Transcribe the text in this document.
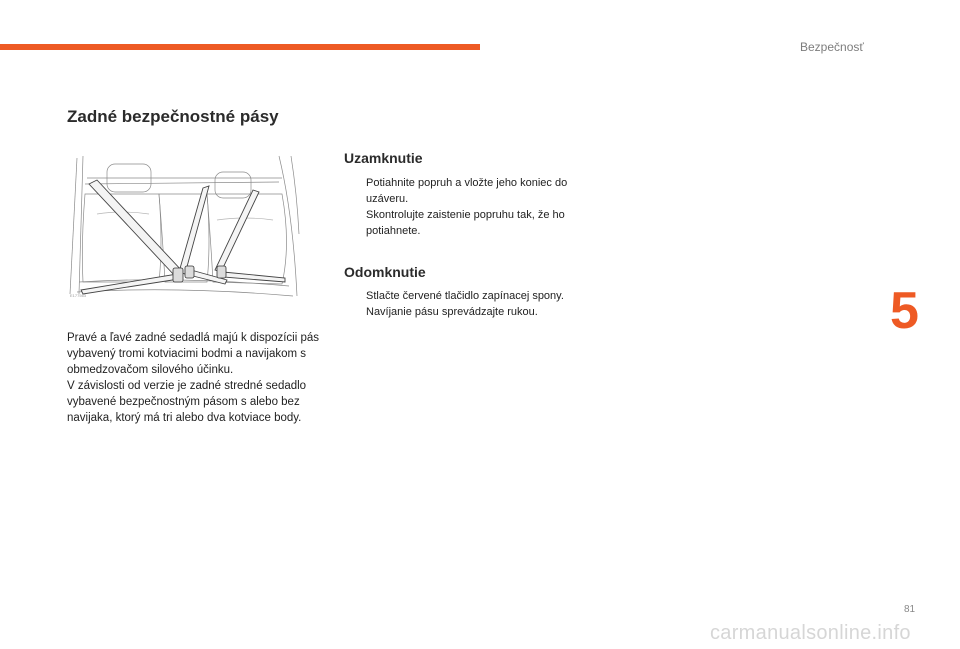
Bezpečnosť
Zadné bezpečnostné pásy
E177563

Pravé a ľavé zadné sedadlá majú k dispozícii pás vybavený tromi kotviacimi bodmi a navijakom s obmedzovačom silového účinku.
V závislosti od verzie je zadné stredné sedadlo vybavené bezpečnostným pásom s alebo bez navijaka, ktorý má tri alebo dva kotviace body.

Uzamknutie
Potiahnite popruh a vložte jeho koniec do uzáveru.
Skontrolujte zaistenie popruhu tak, že ho potiahnete.
Odomknutie
Stlačte červené tlačidlo zapínacej spony.
Navíjanie pásu sprevádzajte rukou.	5
81
carmanualsonline.info
